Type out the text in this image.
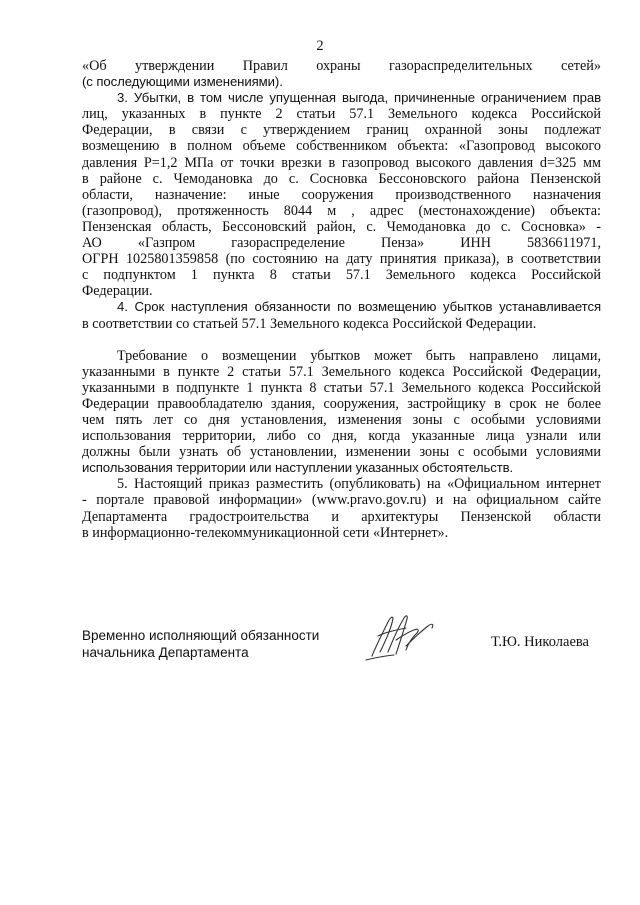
2
«Об утверждении Правил охраны газораспределительных сетей»
(с последующими изменениями).
3. Убытки, в том числе упущенная выгода, причиненные ограничением прав
лиц, указанных в пункте 2 статьи 57.1 Земельного кодекса Российской
Федерации, в связи с утверждением границ охранной зоны подлежат
возмещению в полном объеме собственником объекта: «Газопровод высокого
давления Р=1,2 МПа от точки врезки в газопровод высокого давления d=325 мм
в районе с. Чемодановка до с. Сосновка Бессоновского района Пензенской
области, назначение: иные сооружения производственного назначения
(газопровод), протяженность 8044 м , адрес (местонахождение) объекта:
Пензенская область, Бессоновский район, с. Чемодановка до с. Сосновка» -
АО «Газпром газораспределение Пенза» ИНН 5836611971,
ОГРН 1025801359858 (по состоянию на дату принятия приказа), в соответствии
с подпунктом 1 пункта 8 статьи 57.1 Земельного кодекса Российской
Федерации.
4. Срок наступления обязанности по возмещению убытков устанавливается
в соответствии со статьей 57.1 Земельного кодекса Российской Федерации.
Требование о возмещении убытков может быть направлено лицами,
указанными в пункте 2 статьи 57.1 Земельного кодекса Российской Федерации,
указанными в подпункте 1 пункта 8 статьи 57.1 Земельного кодекса Российской
Федерации правообладателю здания, сооружения, застройщику в срок не более
чем пять лет со дня установления, изменения зоны с особыми условиями
использования территории, либо со дня, когда указанные лица узнали или
должны были узнать об установлении, изменении зоны с особыми условиями
использования территории или наступлении указанных обстоятельств.
5. Настоящий приказ разместить (опубликовать) на «Официальном интернет
- портале правовой информации» (www.pravo.gov.ru) и на официальном сайте
Департамента градостроительства и архитектуры Пензенской области
в информационно-телекоммуникационной сети «Интернет».
Временно исполняющий обязанности
начальника Департамента
Т.Ю. Николаева
